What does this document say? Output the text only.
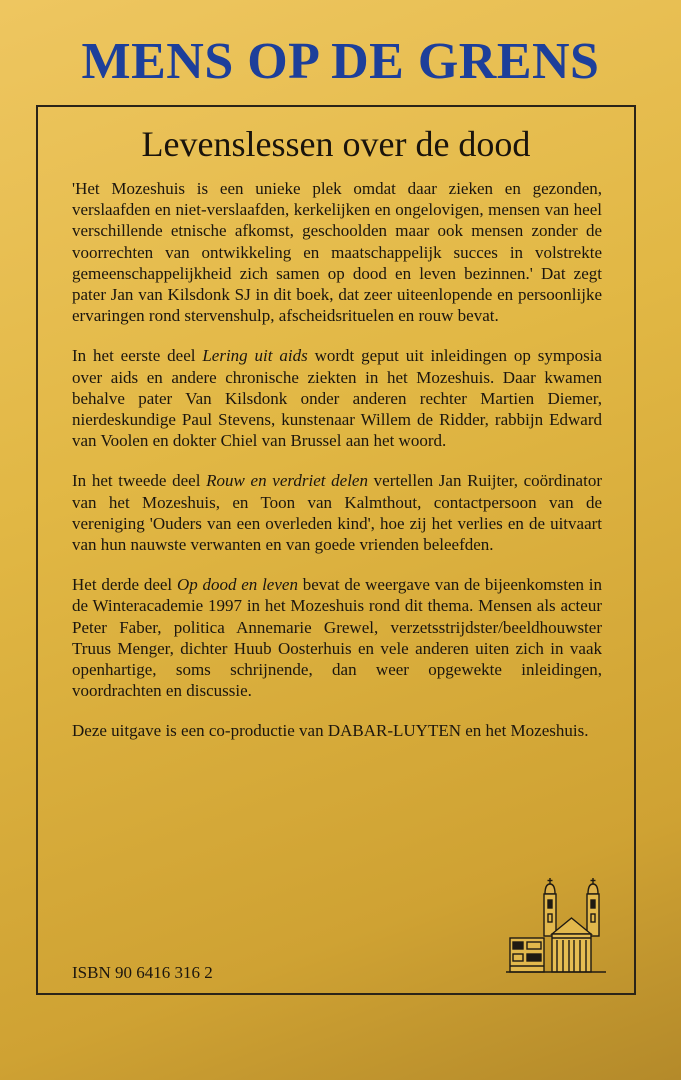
MENS OP DE GRENS
Levenslessen over de dood

'Het Mozeshuis is een unieke plek omdat daar zieken en gezonden, verslaafden en niet-verslaafden, kerkelijken en ongelovigen, mensen van heel verschillende etnische afkomst, geschoolden maar ook mensen zonder de voorrechten van ontwikkeling en maatschappelijk succes in volstrekte gemeenschappelijkheid zich samen op dood en leven bezinnen.' Dat zegt pater Jan van Kilsdonk SJ in dit boek, dat zeer uiteenlopende en persoonlijke ervaringen rond stervenshulp, afscheidsrituelen en rouw bevat.

In het eerste deel Lering uit aids wordt geput uit inleidingen op symposia over aids en andere chronische ziekten in het Mozeshuis. Daar kwamen behalve pater Van Kilsdonk onder anderen rechter Martien Diemer, nierdeskundige Paul Stevens, kunstenaar Willem de Ridder, rabbijn Edward van Voolen en dokter Chiel van Brussel aan het woord.

In het tweede deel Rouw en verdriet delen vertellen Jan Ruijter, coördinator van het Mozeshuis, en Toon van Kalmthout, contactpersoon van de vereniging 'Ouders van een overleden kind', hoe zij het verlies en de uitvaart van hun nauwste verwanten en van goede vrienden beleefden.

Het derde deel Op dood en leven bevat de weergave van de bijeenkomsten in de Winteracademie 1997 in het Mozeshuis rond dit thema. Mensen als acteur Peter Faber, politica Annemarie Grewel, verzetsstrijdster/beeldhouwster Truus Menger, dichter Huub Oosterhuis en vele anderen uiten zich in vaak openhartige, soms schrijnende, dan weer opgewekte inleidingen, voordrachten en discussie.

Deze uitgave is een co-productie van DABAR-LUYTEN en het Mozeshuis.

ISBN 90 6416 316 2
